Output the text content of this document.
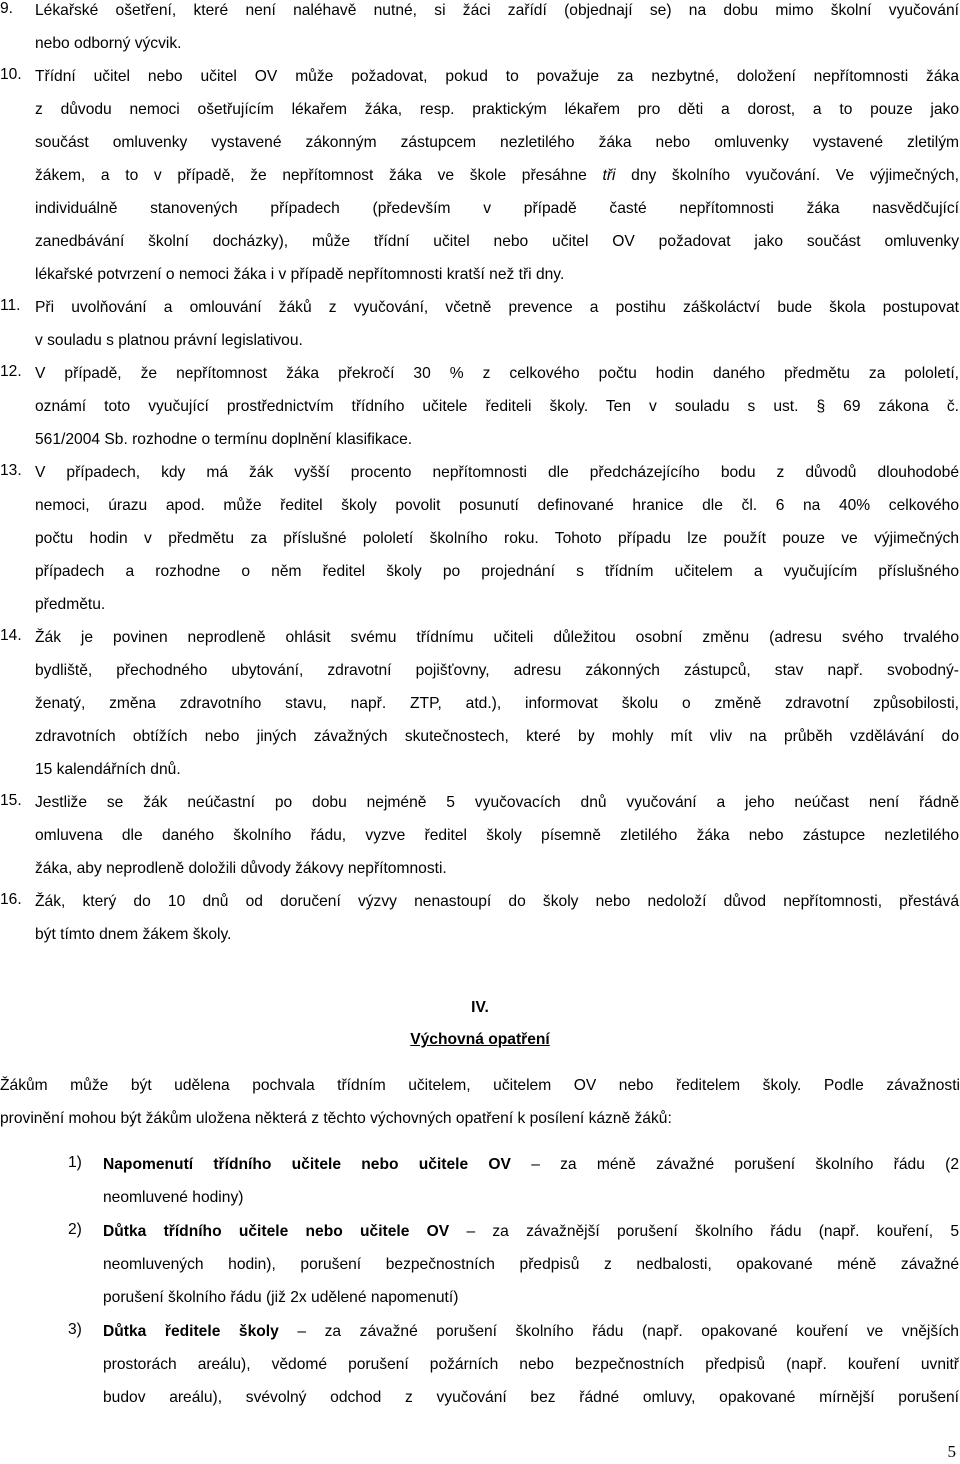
9. Lékařské ošetření, které není naléhavě nutné, si žáci zařídí (objednají se) na dobu mimo školní vyučování
nebo odborný výcvik.
10. Třídní učitel nebo učitel OV může požadovat, pokud to považuje za nezbytné, doložení nepřítomnosti žáka
z důvodu nemoci ošetřujícím lékařem žáka, resp. praktickým lékařem pro děti a dorost, a to pouze jako
součást omluvenky vystavené zákonným zástupcem nezletilého žáka nebo omluvenky vystavené zletilým
žákem, a to v případě, že nepřítomnost žáka ve škole přesáhne tři dny školního vyučování. Ve výjimečných,
individuálně stanovených případech (především v případě časté nepřítomnosti žáka nasvědčující
zanedbávání školní docházky), může třídní učitel nebo učitel OV požadovat jako součást omluvenky
lékařské potvrzení o nemoci žáka i v případě nepřítomnosti kratší než tři dny.
11. Při uvolňování a omlouvání žáků z vyučování, včetně prevence a postihu záškoláctví bude škola postupovat
v souladu s platnou právní legislativou.
12. V případě, že nepřítomnost žáka překročí 30 % z celkového počtu hodin daného předmětu za pololetí,
oznámí toto vyučující prostřednictvím třídního učitele řediteli školy. Ten v souladu s ust. § 69 zákona č.
561/2004 Sb. rozhodne o termínu doplnění klasifikace.
13. V případech, kdy má žák vyšší procento nepřítomnosti dle předcházejícího bodu z důvodů dlouhodobé
nemoci, úrazu apod. může ředitel školy povolit posunutí definované hranice dle čl. 6 na 40% celkového
počtu hodin v předmětu za příslušné pololetí školního roku. Tohoto případu lze použít pouze ve výjimečných
případech a rozhodne o něm ředitel školy po projednání s třídním učitelem a vyučujícím příslušného
předmětu.
14. Žák je povinen neprodleně ohlásit svému třídnímu učiteli důležitou osobní změnu (adresu svého trvalého
bydliště, přechodného ubytování, zdravotní pojišťovny, adresu zákonných zástupců, stav např. svobodný-
ženatý, změna zdravotního stavu, např. ZTP, atd.), informovat školu o změně zdravotní způsobilosti,
zdravotních obtížích nebo jiných závažných skutečnostech, které by mohly mít vliv na průběh vzdělávání do
15 kalendářních dnů.
15. Jestliže se žák neúčastní po dobu nejméně 5 vyučovacích dnů vyučování a jeho neúčast není řádně
omluvena dle daného školního řádu, vyzve ředitel školy písemně zletilého žáka nebo zástupce nezletilého
žáka, aby neprodleně doložili důvody žákovy nepřítomnosti.
16. Žák, který do 10 dnů od doručení výzvy nenastoupí do školy nebo nedoloží důvod nepřítomnosti, přestává
být tímto dnem žákem školy.
IV.
Výchovná opatření
Žákům může být udělena pochvala třídním učitelem, učitelem OV nebo ředitelem školy. Podle závažnosti
provinění mohou být žákům uložena některá z těchto výchovných opatření k posílení kázně žáků:
1) Napomenutí třídního učitele nebo učitele OV – za méně závažné porušení školního řádu (2
neomluvené hodiny)
2) Důtka třídního učitele nebo učitele OV – za závažnější porušení školního řádu (např. kouření, 5
neomluvených hodin), porušení bezpečnostních předpisů z nedbalosti, opakované méně závažné
porušení školního řádu (již 2x udělené napomenutí)
3) Důtka ředitele školy – za závažné porušení školního řádu (např. opakované kouření ve vnějších
prostorách areálu), vědomé porušení požárních nebo bezpečnostních předpisů (např. kouření uvnitř
budov areálu), svévolný odchod z vyučování bez řádné omluvy, opakované mírnější porušení
5
